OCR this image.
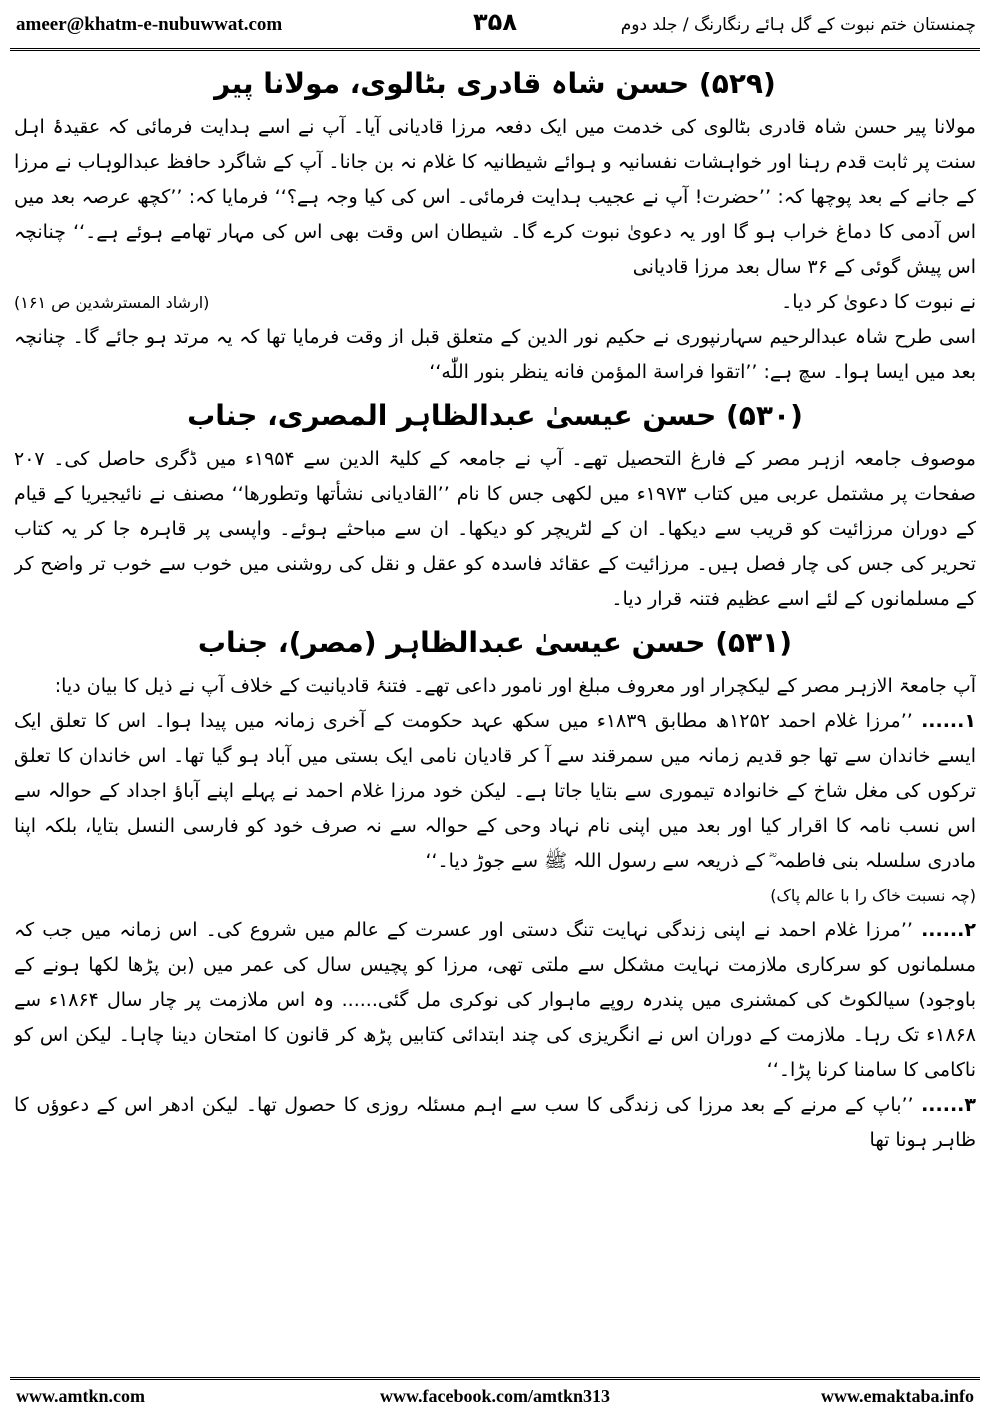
ameer@khatm-e-nubuwwat.com	۳۵۸	چمنستان ختم نبوت کے گل ہائے رنگارنگ / جلد دوم

(۵۲۹) حسن شاہ قادری بٹالوی، مولانا پیر

مولانا پیر حسن شاہ قادری بٹالوی کی خدمت میں ایک دفعہ مرزا قادیانی آیا۔ آپ نے اسے ہدایت فرمائی کہ عقیدۂ اہل سنت پر ثابت قدم رہنا اور خواہشات نفسانیہ و ہوائے شیطانیہ کا غلام نہ بن جانا۔ آپ کے شاگرد حافظ عبدالوہاب نے مرزا کے جانے کے بعد پوچھا کہ: ’’حضرت! آپ نے عجیب ہدایت فرمائی۔ اس کی کیا وجہ ہے؟‘‘ فرمایا کہ: ’’کچھ عرصہ بعد میں اس آدمی کا دماغ خراب ہو گا اور یہ دعویٰ نبوت کرے گا۔ شیطان اس وقت بھی اس کی مہار تھامے ہوئے ہے۔‘‘ چنانچہ اس پیش گوئی کے ۳۶ سال بعد مرزا قادیانی

نے نبوت کا دعویٰ کر دیا۔
(ارشاد المسترشدین ص ۱۶۱)

اسی طرح شاہ عبدالرحیم سہارنپوری نے حکیم نور الدین کے متعلق قبل از وقت فرمایا تھا کہ یہ مرتد ہو جائے گا۔ چنانچہ بعد میں ایسا ہوا۔ سچ ہے: ’’اتقوا فراسة المؤمن فانه ینظر بنور اللّٰه‘‘

(۵۳۰) حسن عیسیٰ عبدالظاہر المصری، جناب

موصوف جامعہ ازہر مصر کے فارغ التحصیل تھے۔ آپ نے جامعہ کے کلیۃ الدین سے ۱۹۵۴ء میں ڈگری حاصل کی۔ ۲۰۷ صفحات پر مشتمل عربی میں کتاب ۱۹۷۳ء میں لکھی جس کا نام ’’القادیانی نشأتها وتطورها‘‘ مصنف نے نائیجیریا کے قیام کے دوران مرزائیت کو قریب سے دیکھا۔ ان کے لٹریچر کو دیکھا۔ ان سے مباحثے ہوئے۔ واپسی پر قاہرہ جا کر یہ کتاب تحریر کی جس کی چار فصل ہیں۔ مرزائیت کے عقائد فاسدہ کو عقل و نقل کی روشنی میں خوب سے خوب تر واضح کر کے مسلمانوں کے لئے اسے عظیم فتنہ قرار دیا۔

(۵۳۱) حسن عیسیٰ عبدالظاہر (مصر)، جناب

آپ جامعۃ الازہر مصر کے لیکچرار اور معروف مبلغ اور نامور داعی تھے۔ فتنۂ قادیانیت کے خلاف آپ نے ذیل کا بیان دیا:

۱...... ’’مرزا غلام احمد ۱۲۵۲ھ مطابق ۱۸۳۹ء میں سکھ عہد حکومت کے آخری زمانہ میں پیدا ہوا۔ اس کا تعلق ایک ایسے خاندان سے تھا جو قدیم زمانہ میں سمرقند سے آ کر قادیان نامی ایک بستی میں آباد ہو گیا تھا۔ اس خاندان کا تعلق ترکوں کی مغل شاخ کے خانوادہ تیموری سے بتایا جاتا ہے۔ لیکن خود مرزا غلام احمد نے پہلے اپنے آباؤ اجداد کے حوالہ سے اس نسب نامہ کا اقرار کیا اور بعد میں اپنی نام نہاد وحی کے حوالہ سے نہ صرف خود کو فارسی النسل بتایا، بلکہ اپنا مادری سلسلہ بنی فاطمہ ؓ کے ذریعہ سے رسول اللہ ﷺ سے جوڑ دیا۔‘‘

(چہ نسبت خاک را با عالم پاک)

۲...... ’’مرزا غلام احمد نے اپنی زندگی نہایت تنگ دستی اور عسرت کے عالم میں شروع کی۔ اس زمانہ میں جب کہ مسلمانوں کو سرکاری ملازمت نہایت مشکل سے ملتی تھی، مرزا کو پچیس سال کی عمر میں (بن پڑھا لکھا ہونے کے باوجود) سیالکوٹ کی کمشنری میں پندرہ روپے ماہوار کی نوکری مل گئی...... وہ اس ملازمت پر چار سال ۱۸۶۴ء سے ۱۸۶۸ء تک رہا۔ ملازمت کے دوران اس نے انگریزی کی چند ابتدائی کتابیں پڑھ کر قانون کا امتحان دینا چاہا۔ لیکن اس کو ناکامی کا سامنا کرنا پڑا۔‘‘

۳...... ’’باپ کے مرنے کے بعد مرزا کی زندگی کا سب سے اہم مسئلہ روزی کا حصول تھا۔ لیکن ادھر اس کے دعوؤں کا ظاہر ہونا تھا

www.amtkn.com	www.facebook.com/amtkn313	www.emaktaba.info
